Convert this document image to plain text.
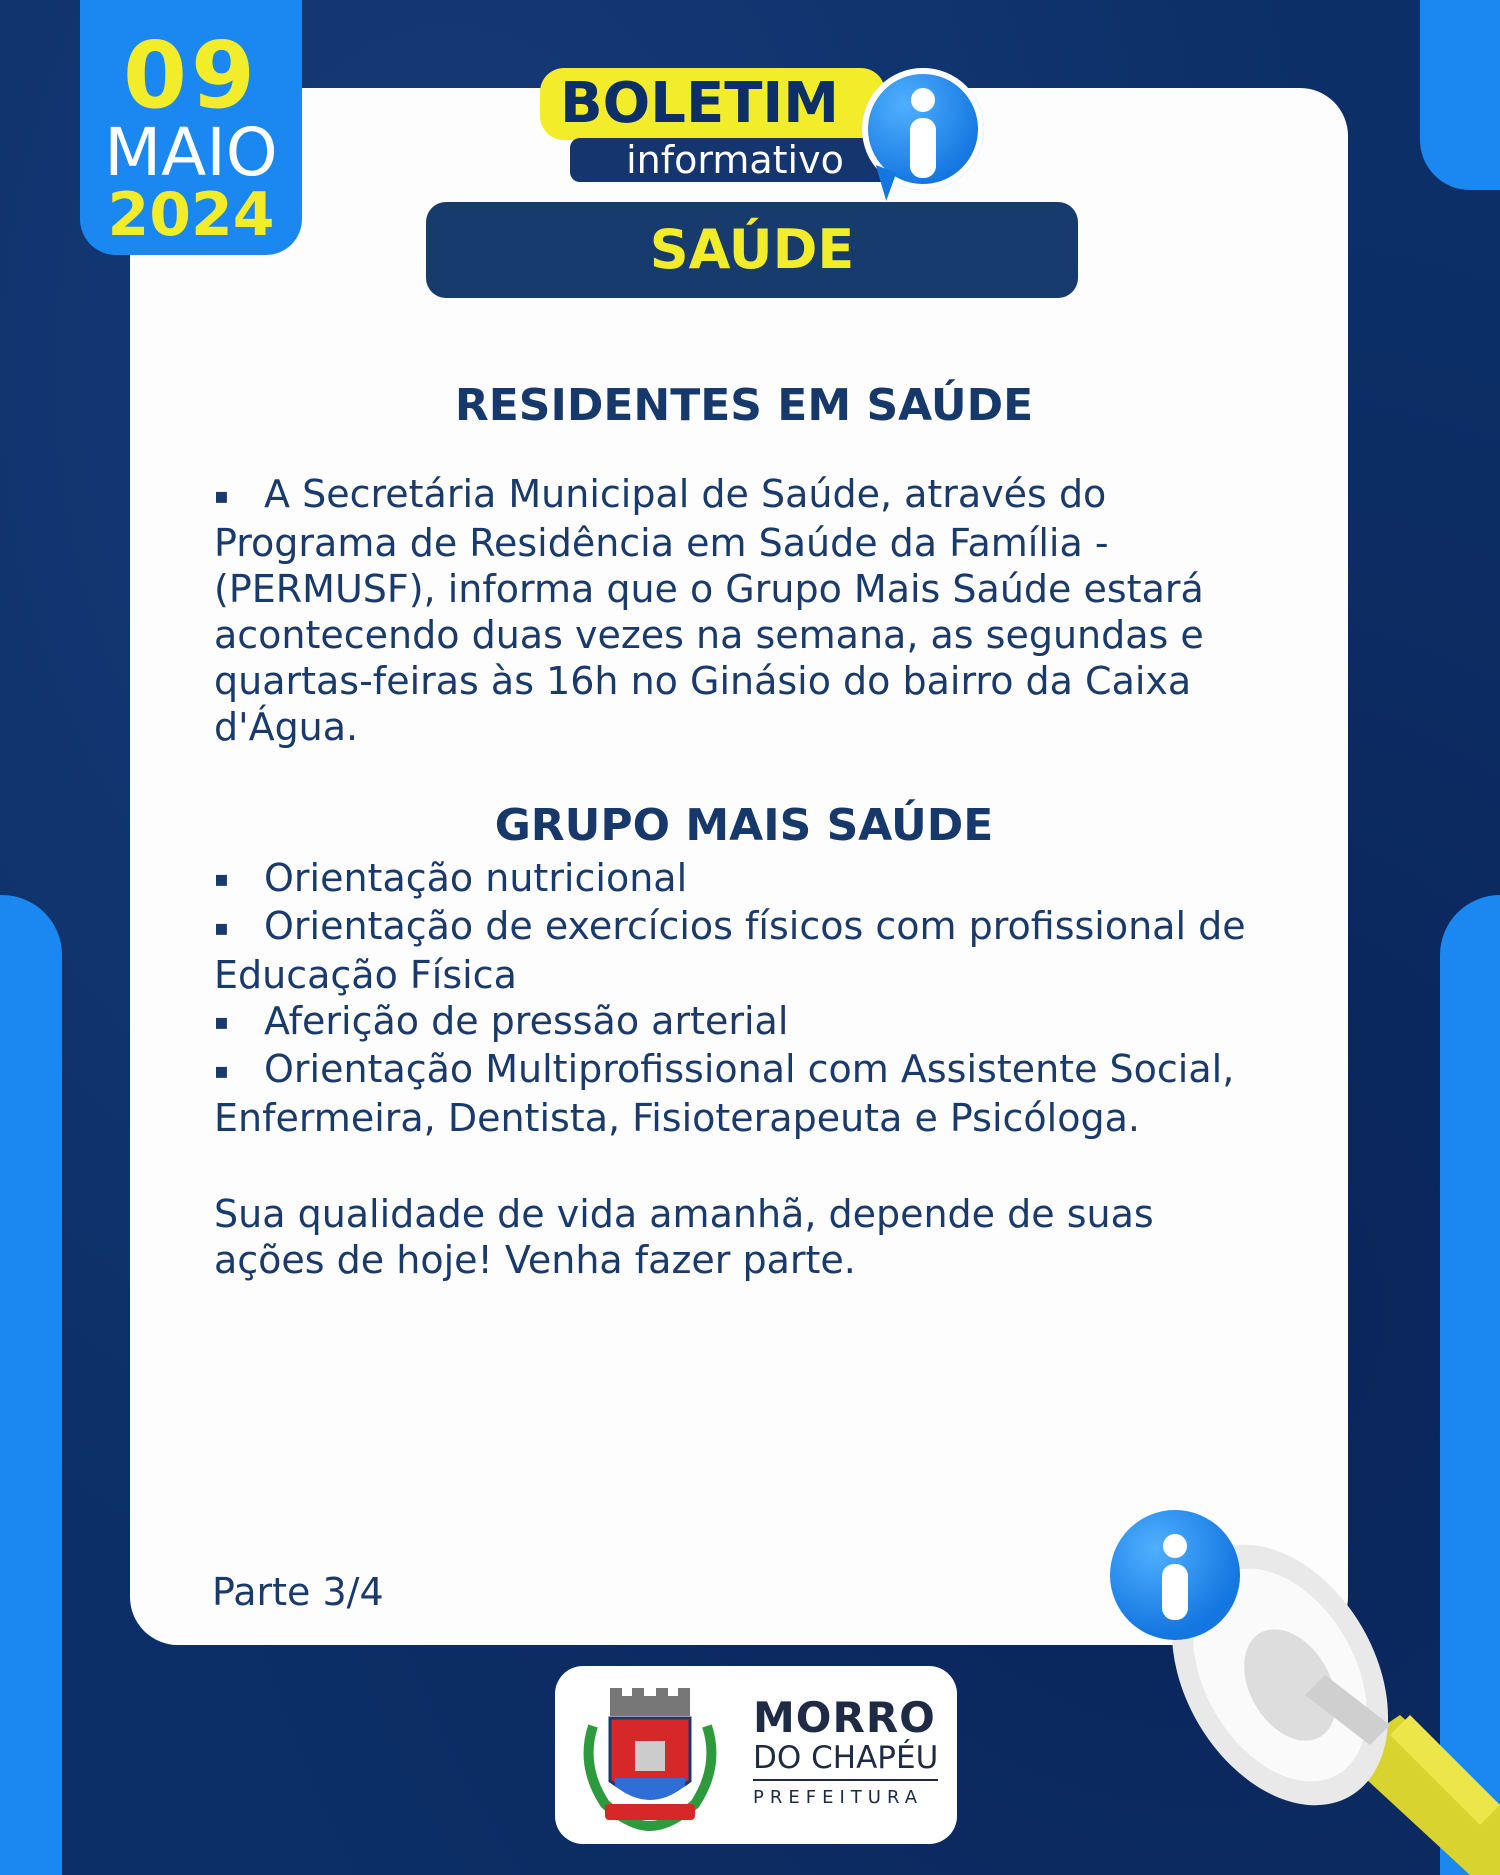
09
MAIO
2024
BOLETIM
informativo
SAÚDE
RESIDENTES EM SAÚDE

▪ A Secretária Municipal de Saúde, através do Programa de Residência em Saúde da Família - (PERMUSF), informa que o Grupo Mais Saúde estará acontecendo duas vezes na semana, as segundas e quartas-feiras às 16h no Ginásio do bairro da Caixa d'Água.

GRUPO MAIS SAÚDE
▪ Orientação nutricional
▪ Orientação de exercícios físicos com profissional de Educação Física
▪ Aferição de pressão arterial
▪ Orientação Multiprofissional com Assistente Social, Enfermeira, Dentista, Fisioterapeuta e Psicóloga.

Sua qualidade de vida amanhã, depende de suas ações de hoje! Venha fazer parte.

Parte 3/4
MORRO
DO CHAPÉU
PREFEITURA
